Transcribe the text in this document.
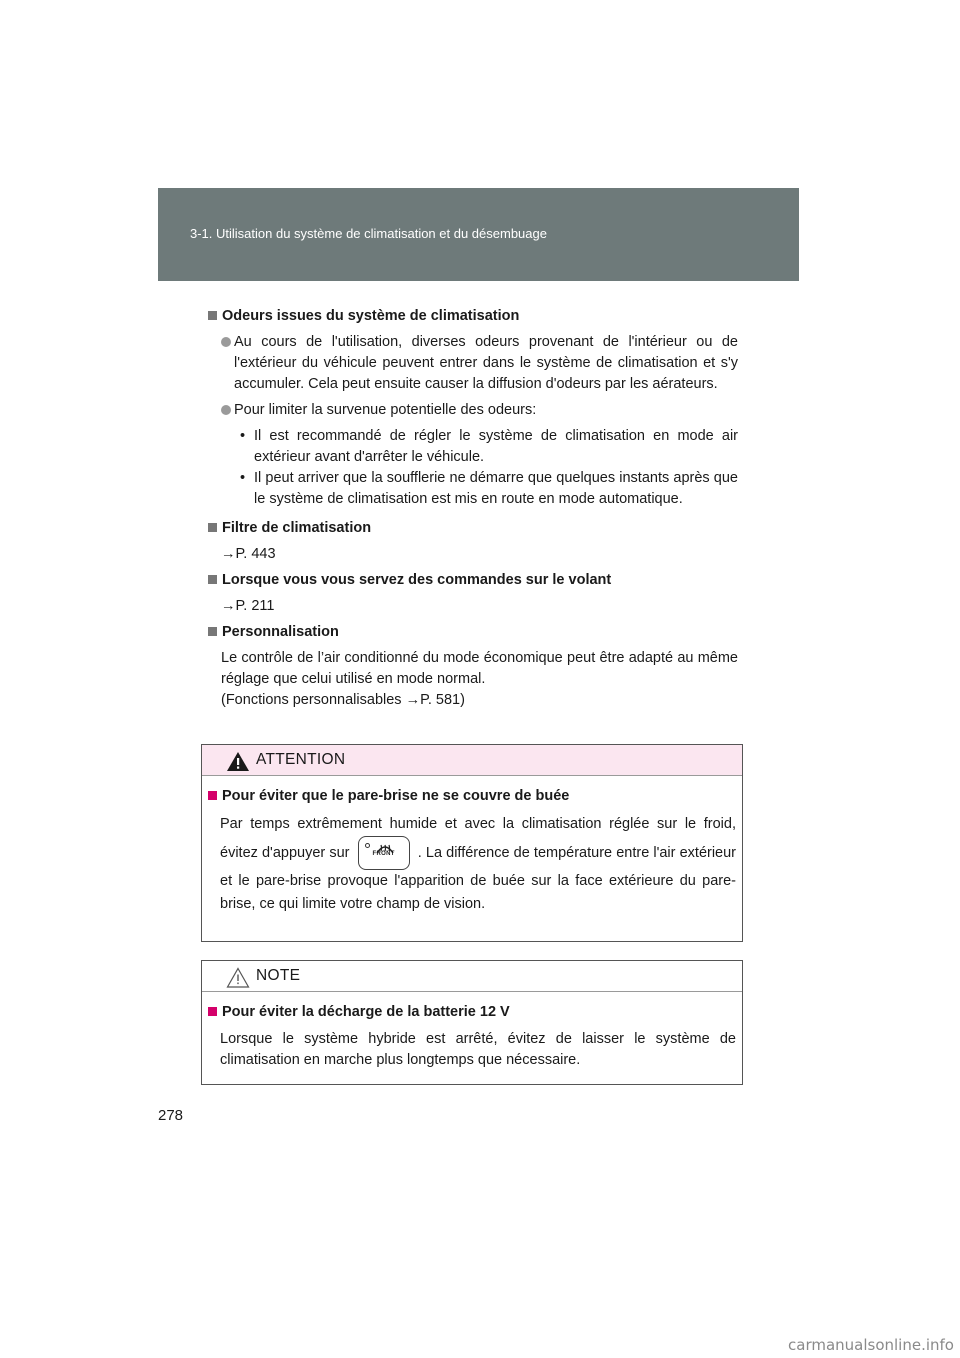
3-1. Utilisation du système de climatisation et du désembuage
Odeurs issues du système de climatisation
Au cours de l'utilisation, diverses odeurs provenant de l'intérieur ou de l'extérieur du véhicule peuvent entrer dans le système de climatisation et s'y accumuler. Cela peut ensuite causer la diffusion d'odeurs par les aérateurs.
Pour limiter la survenue potentielle des odeurs:
• Il est recommandé de régler le système de climatisation en mode air extérieur avant d'arrêter le véhicule.
• Il peut arriver que la soufflerie ne démarre que quelques instants après que le système de climatisation est mis en route en mode automatique.
Filtre de climatisation
→P. 443
Lorsque vous vous servez des commandes sur le volant
→P. 211
Personnalisation
Le contrôle de l’air conditionné du mode économique peut être adapté au même réglage que celui utilisé en mode normal.
(Fonctions personnalisables →P. 581)
ATTENTION
Pour éviter que le pare-brise ne se couvre de buée
Par temps extrêmement humide et avec la climatisation réglée sur le froid, évitez d'appuyer sur	FRONT	. La différence de température entre l'air extérieur et le pare-brise provoque l'apparition de buée sur la face extérieure du pare-brise, ce qui limite votre champ de vision.
NOTE
Pour éviter la décharge de la batterie 12 V
Lorsque le système hybride est arrêté, évitez de laisser le système de climatisation en marche plus longtemps que nécessaire.
278
carmanualsonline.info
